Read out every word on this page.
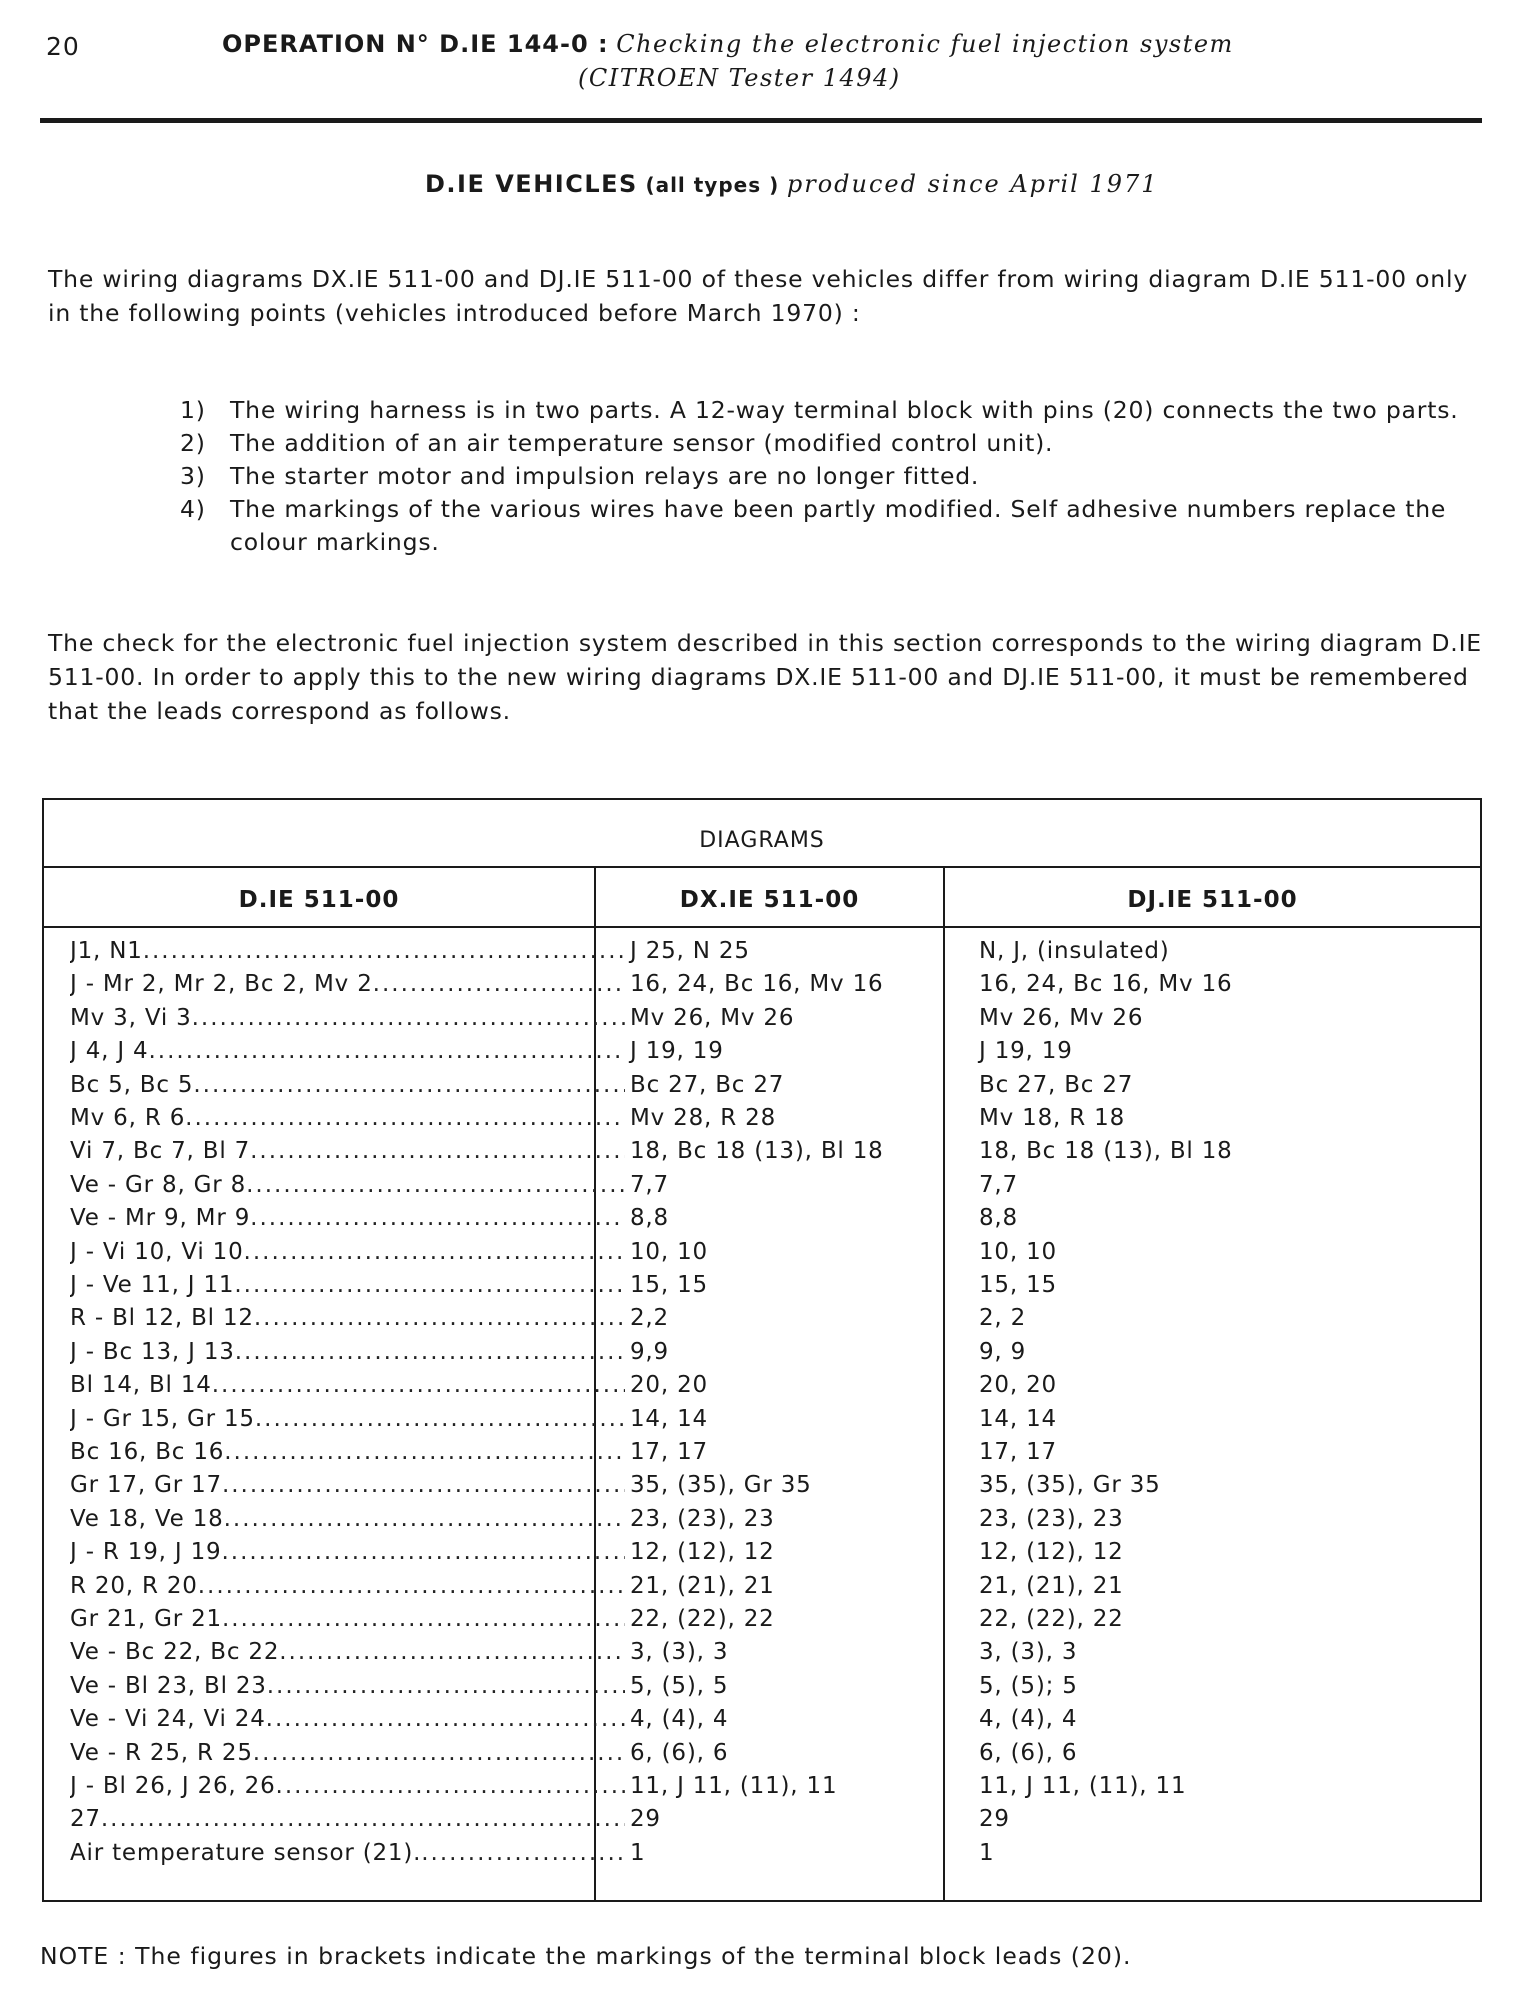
20	OPERATION N° D.IE 144-0 : Checking the electronic fuel injection system
(CITROEN Tester 1494)
D.IE VEHICLES (all types ) produced since April 1971
The wiring diagrams DX.IE 511-00 and DJ.IE 511-00 of these vehicles differ from wiring diagram D.IE 511-00 only in the following points (vehicles introduced before March 1970) :
1)	The wiring harness is in two parts. A 12-way terminal block with pins (20) connects the two parts.
2)	The addition of an air temperature sensor (modified control unit).
3)	The starter motor and impulsion relays are no longer fitted.
4)	The markings of the various wires have been partly modified. Self adhesive numbers replace the colour markings.
The check for the electronic fuel injection system described in this section corresponds to the wiring diagram D.IE 511-00. In order to apply this to the new wiring diagrams DX.IE 511-00 and DJ.IE 511-00, it must be remembered that the leads correspond as follows.
DIAGRAMS
D.IE 511-00	DX.IE 511-00	DJ.IE 511-00
J1, N1 .....	J 25, N 25	N, J, (insulated)
J - Mr 2, Mr 2, Bc 2, Mv 2 .....	16, 24, Bc 16, Mv 16	16, 24, Bc 16, Mv 16
Mv 3, Vi 3 .....	Mv 26, Mv 26	Mv 26, Mv 26
J 4, J 4 .....	J 19, 19	J 19, 19
Bc 5, Bc 5 .....	Bc 27, Bc 27	Bc 27, Bc 27
Mv 6, R 6 .....	Mv 28, R 28	Mv 18, R 18
Vi 7, Bc 7, Bl 7 .....	18, Bc 18 (13), Bl 18	18, Bc 18 (13), Bl 18
Ve - Gr 8, Gr 8 .....	7,7	7,7
Ve - Mr 9, Mr 9 .....	8,8	8,8
J - Vi 10, Vi 10 .....	10, 10	10, 10
J - Ve 11, J 11 .....	15, 15	15, 15
R - Bl 12, Bl 12 .....	2,2	2, 2
J - Bc 13, J 13 .....	9,9	9, 9
Bl 14, Bl 14 .....	20, 20	20, 20
J - Gr 15, Gr 15 .....	14, 14	14, 14
Bc 16, Bc 16 .....	17, 17	17, 17
Gr 17, Gr 17 .....	35, (35), Gr 35	35, (35), Gr 35
Ve 18, Ve 18 .....	23, (23), 23	23, (23), 23
J - R 19, J 19 .....	12, (12), 12	12, (12), 12
R 20, R 20 .....	21, (21), 21	21, (21), 21
Gr 21, Gr 21 .....	22, (22), 22	22, (22), 22
Ve - Bc 22, Bc 22 .....	3, (3), 3	3, (3), 3
Ve - Bl 23, Bl 23 .....	5, (5), 5	5, (5); 5
Ve - Vi 24, Vi 24 .....	4, (4), 4	4, (4), 4
Ve - R 25, R 25 .....	6, (6), 6	6, (6), 6
J - Bl 26, J 26, 26 .....	11, J 11, (11), 11	11, J 11, (11), 11
27 .....	29	29
Air temperature sensor (21). .....	1	1
NOTE : The figures in brackets indicate the markings of the terminal block leads (20).
